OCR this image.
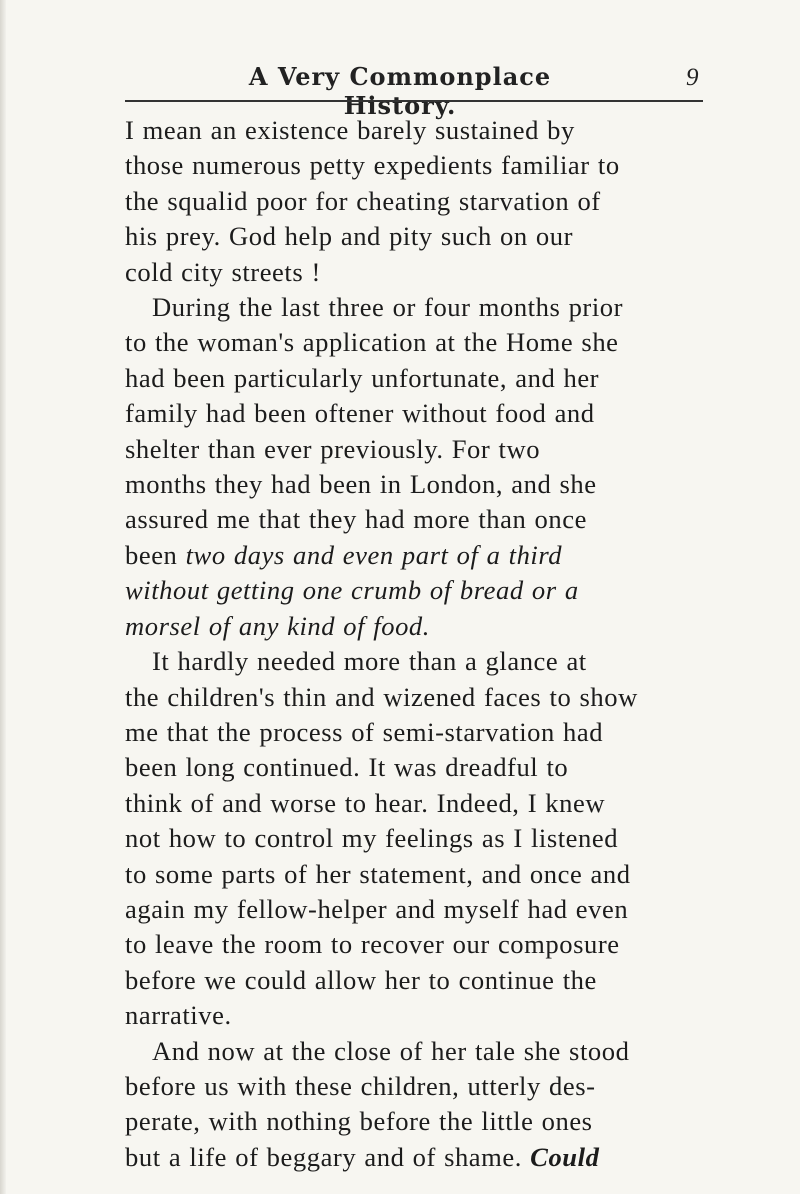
A Very Commonplace History.
9
I mean an existence barely sustained by
those numerous petty expedients familiar to
the squalid poor for cheating starvation of
his prey. God help and pity such on our
cold city streets !
During the last three or four months prior
to the woman's application at the Home she
had been particularly unfortunate, and her
family had been oftener without food and
shelter than ever previously. For two
months they had been in London, and she
assured me that they had more than once
been two days and even part of a third
without getting one crumb of bread or a
morsel of any kind of food.
It hardly needed more than a glance at
the children's thin and wizened faces to show
me that the process of semi-starvation had
been long continued. It was dreadful to
think of and worse to hear. Indeed, I knew
not how to control my feelings as I listened
to some parts of her statement, and once and
again my fellow-helper and myself had even
to leave the room to recover our composure
before we could allow her to continue the
narrative.
And now at the close of her tale she stood
before us with these children, utterly des-
perate, with nothing before the little ones
but a life of beggary and of shame. Could
